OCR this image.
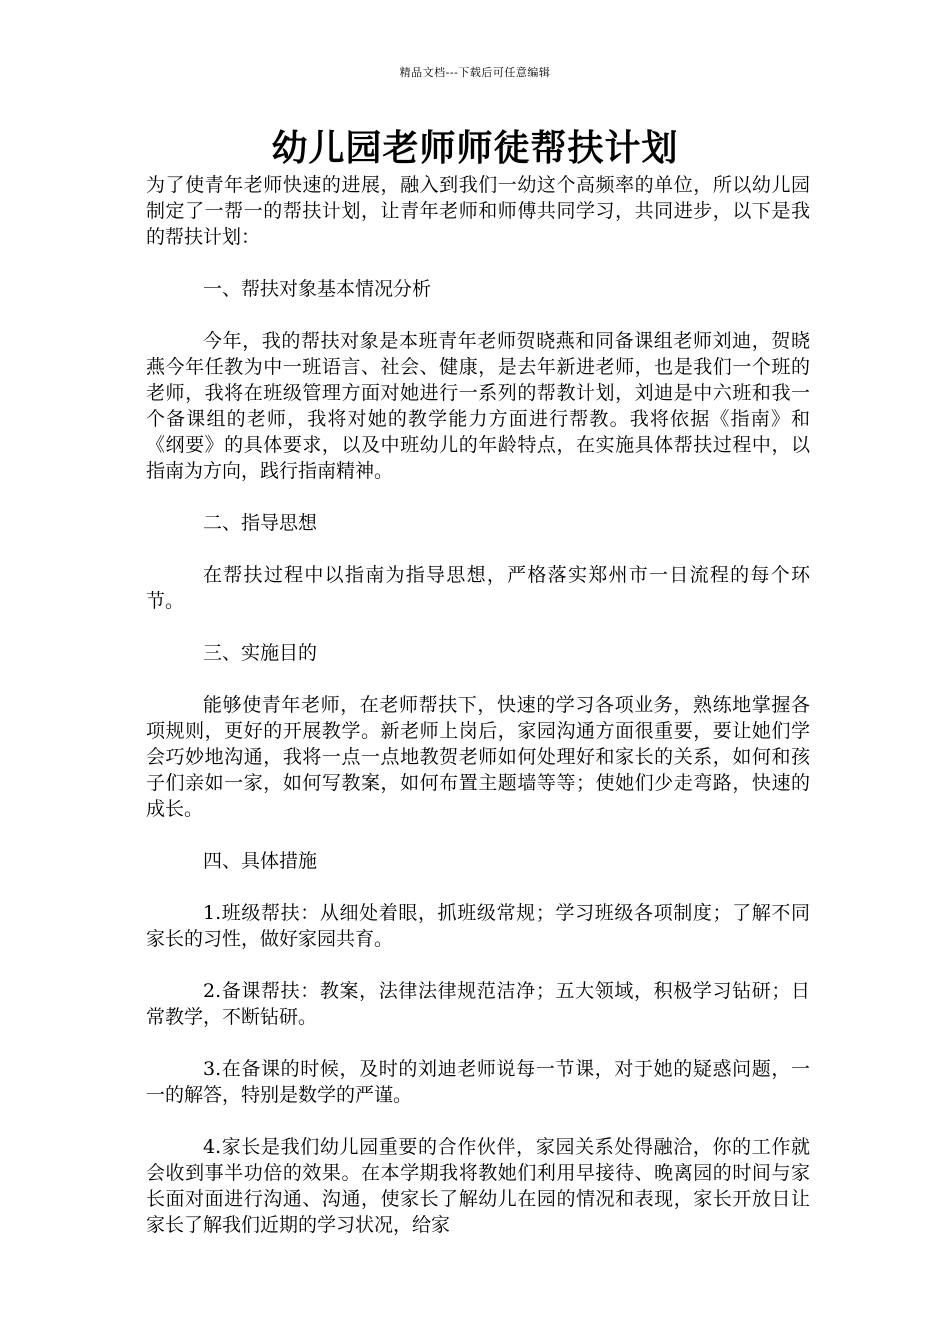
精品文档---下载后可任意编辑
幼儿园老师师徒帮扶计划

为了使青年老师快速的进展，融入到我们一幼这个高频率的单位，所以幼儿园制定了一帮一的帮扶计划，让青年老师和师傅共同学习，共同进步，以下是我的帮扶计划：

一、帮扶对象基本情况分析

今年，我的帮扶对象是本班青年老师贺晓燕和同备课组老师刘迪，贺晓燕今年任教为中一班语言、社会、健康，是去年新进老师，也是我们一个班的老师，我将在班级管理方面对她进行一系列的帮教计划，刘迪是中六班和我一个备课组的老师，我将对她的教学能力方面进行帮教。我将依据《指南》和《纲要》的具体要求，以及中班幼儿的年龄特点，在实施具体帮扶过程中，以指南为方向，践行指南精神。

二、指导思想

在帮扶过程中以指南为指导思想，严格落实郑州市一日流程的每个环节。

三、实施目的

能够使青年老师，在老师帮扶下，快速的学习各项业务，熟练地掌握各项规则，更好的开展教学。新老师上岗后，家园沟通方面很重要，要让她们学会巧妙地沟通，我将一点一点地教贺老师如何处理好和家长的关系，如何和孩子们亲如一家，如何写教案，如何布置主题墙等等；使她们少走弯路，快速的成长。

四、具体措施

1.班级帮扶：从细处着眼，抓班级常规；学习班级各项制度；了解不同家长的习性，做好家园共育。

2.备课帮扶：教案，法律法律规范洁净；五大领域，积极学习钻研；日常教学，不断钻研。

3.在备课的时候，及时的刘迪老师说每一节课，对于她的疑惑问题，一一的解答，特别是数学的严谨。

4.家长是我们幼儿园重要的合作伙伴，家园关系处得融洽，你的工作就会收到事半功倍的效果。在本学期我将教她们利用早接待、晚离园的时间与家长面对面进行沟通、沟通，使家长了解幼儿在园的情况和表现，家长开放日让家长了解我们近期的学习状况，给家
